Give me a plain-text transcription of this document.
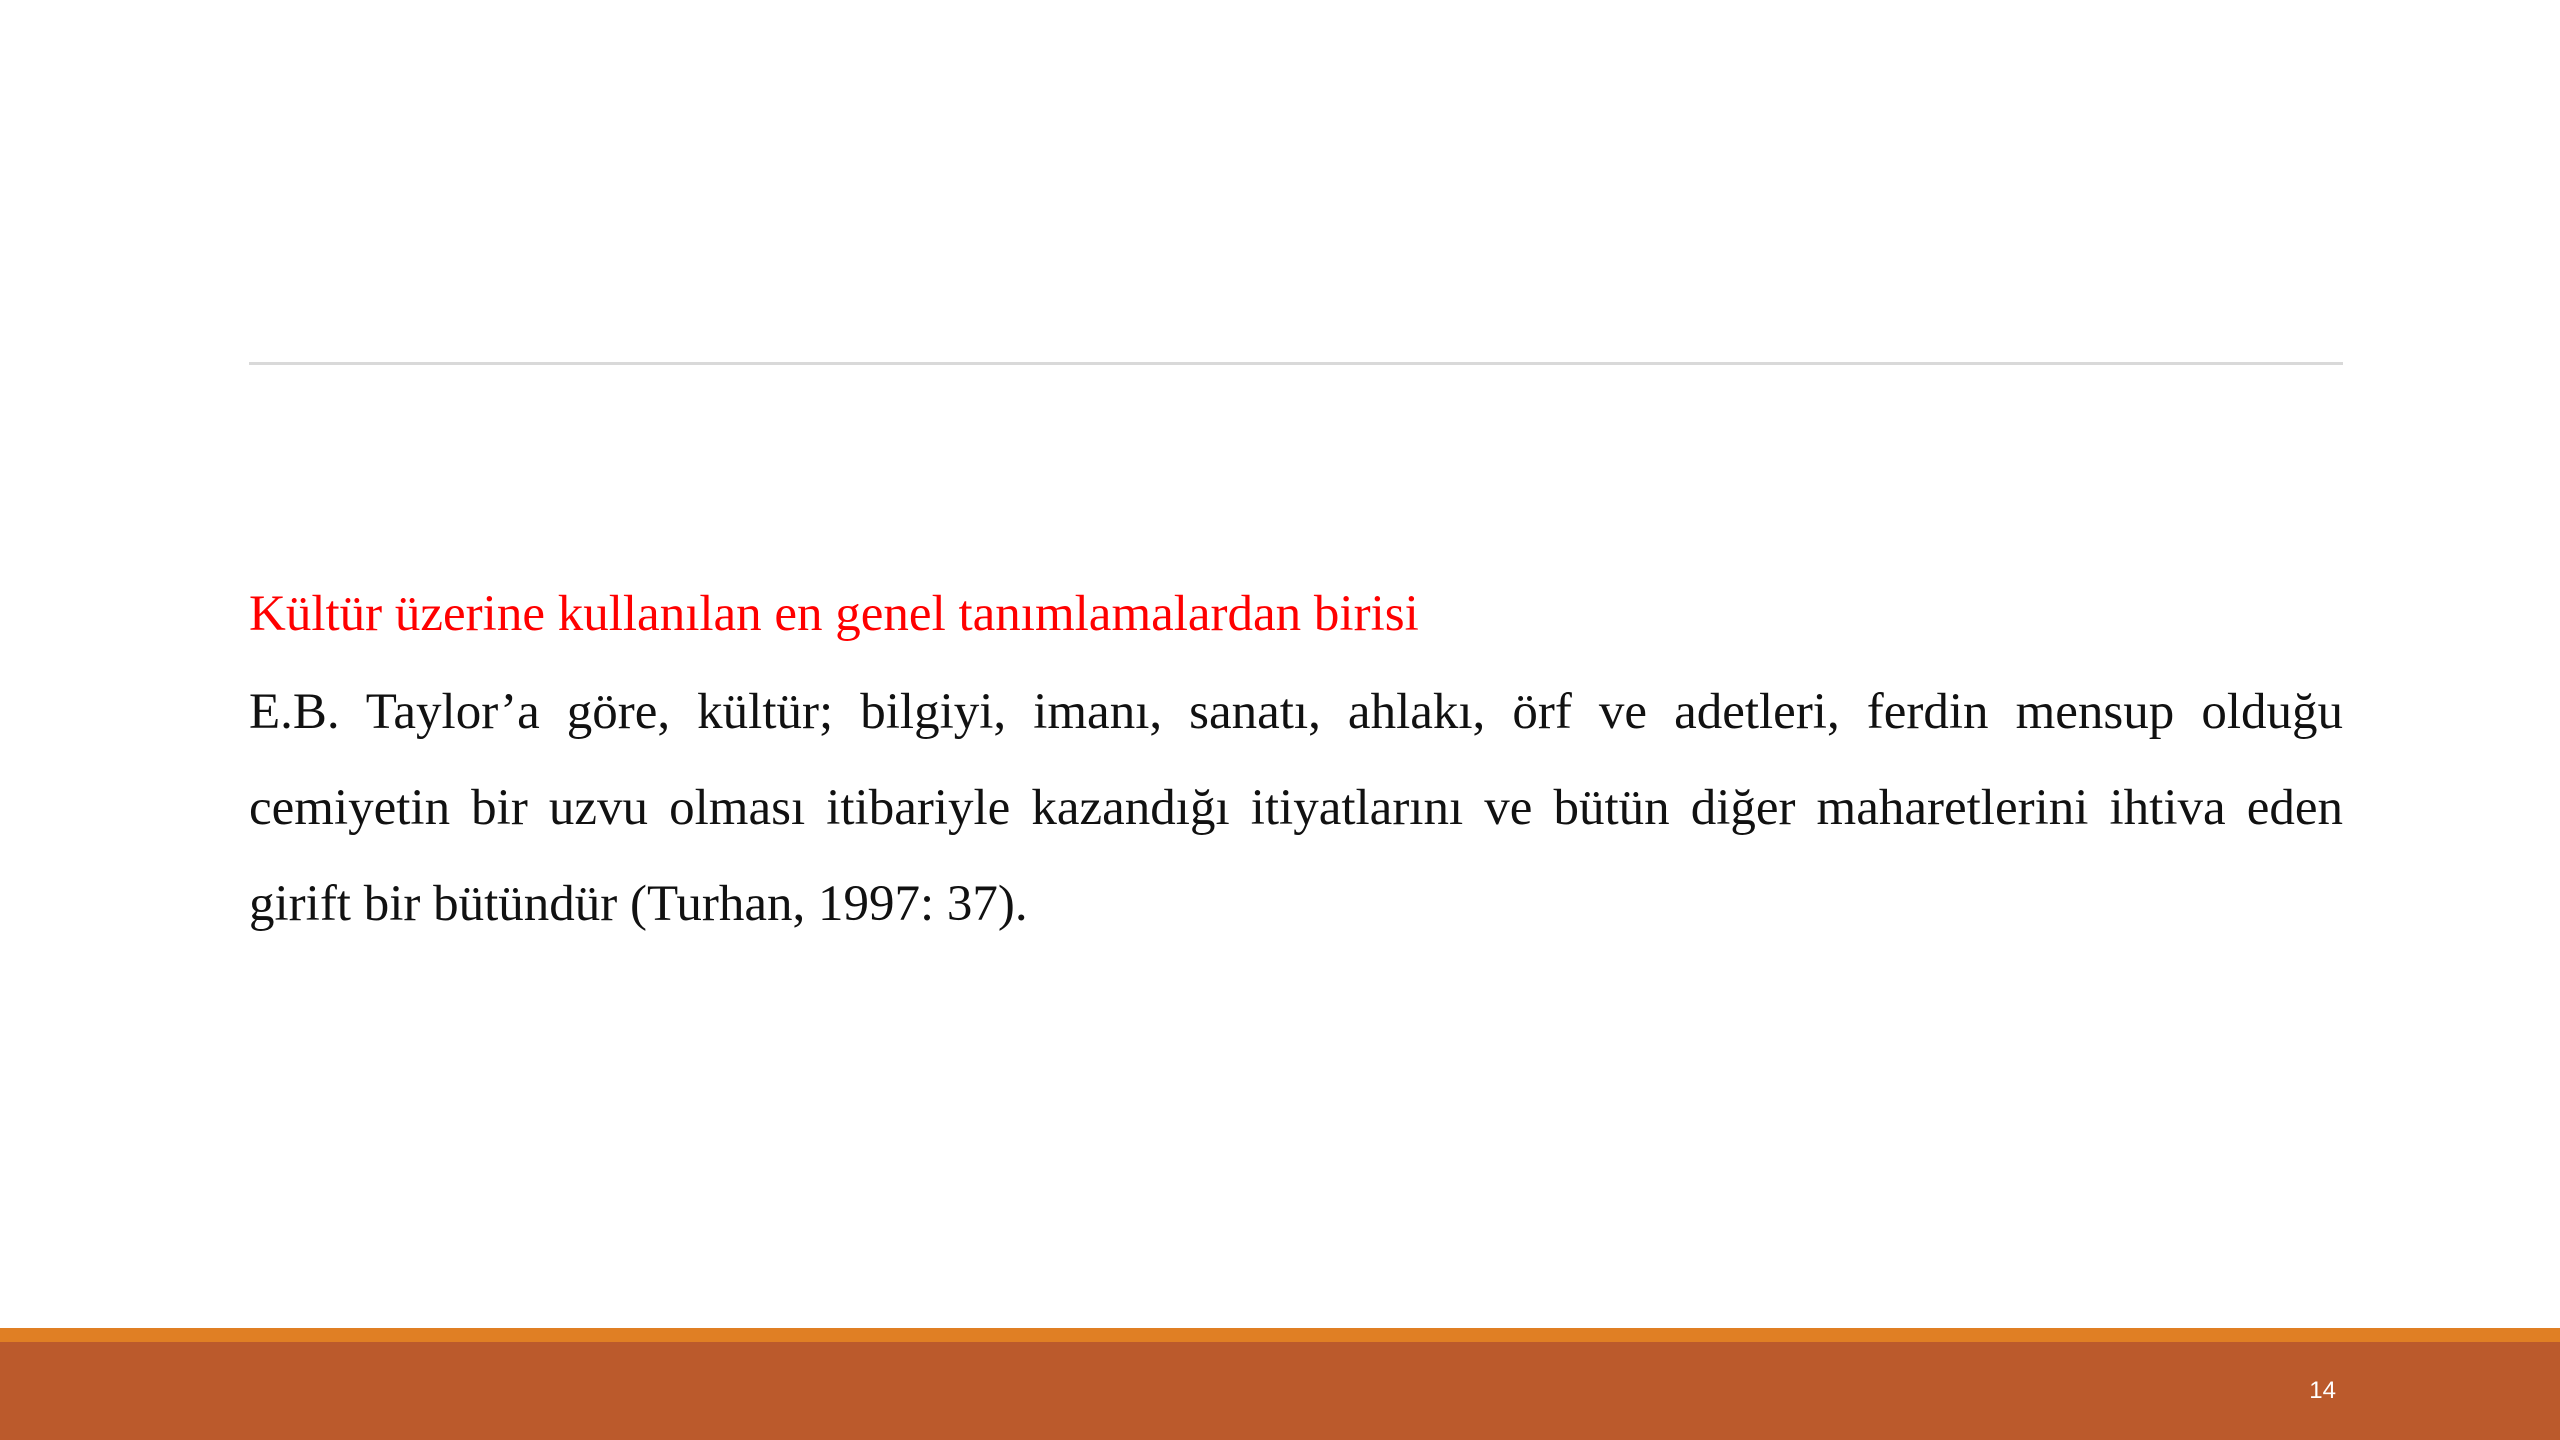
Kültür üzerine kullanılan en genel tanımlamalardan birisi

E.B. Taylor’a göre, kültür; bilgiyi, imanı, sanatı, ahlakı, örf ve adetleri, ferdin mensup olduğu cemiyetin bir uzvu olması itibariyle kazandığı itiyatlarını ve bütün diğer maharetlerini ihtiva eden girift bir bütündür (Turhan, 1997: 37).

14
